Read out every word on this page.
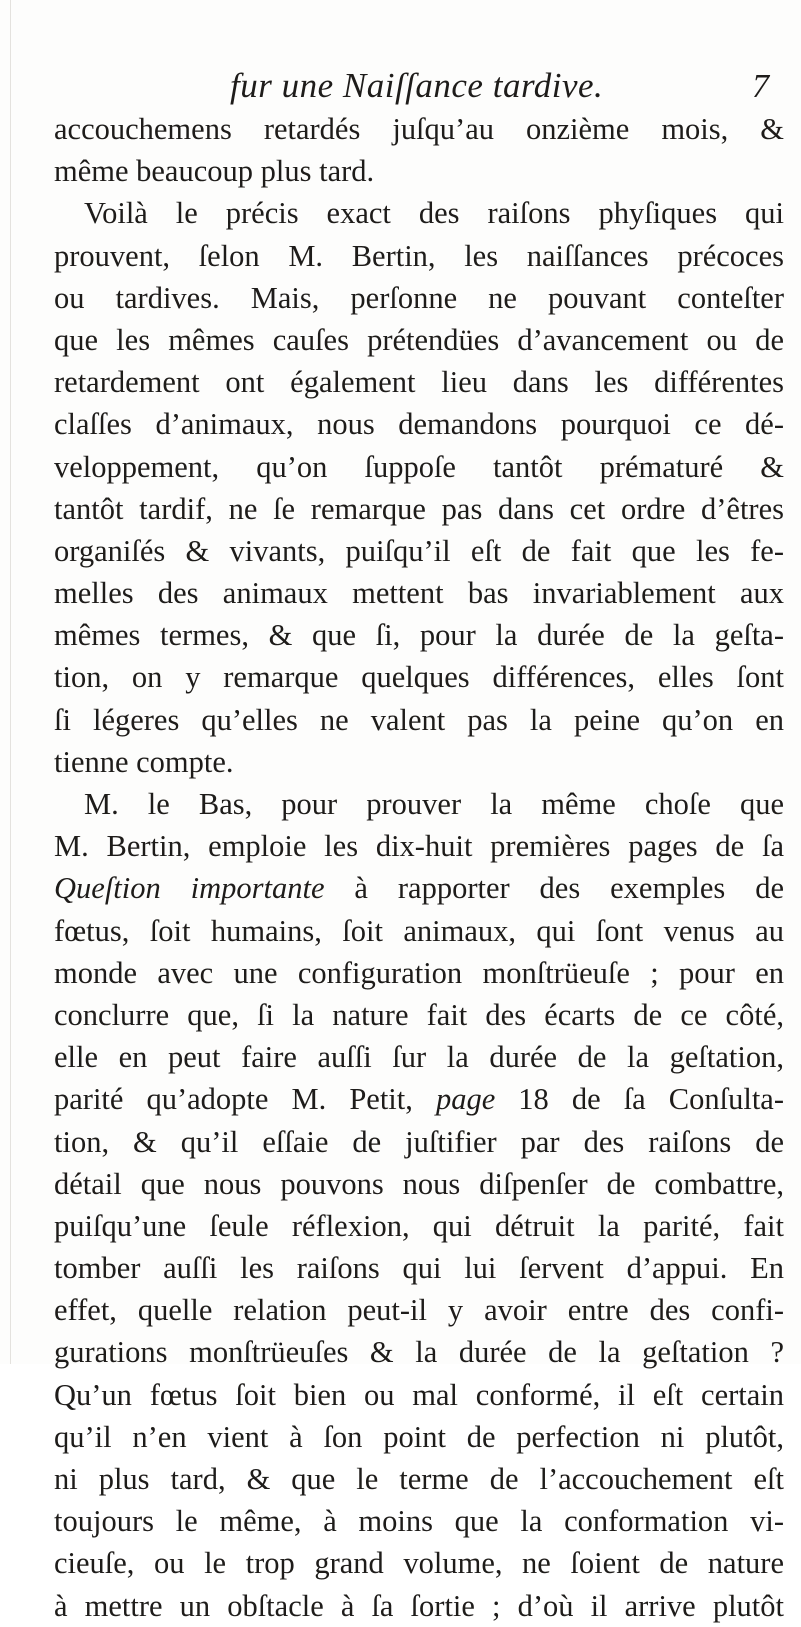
fur une Naiſſance tardive.	7
accouchemens retardés juſqu’au onzième mois, &
même beaucoup plus tard.
Voilà le précis exact des raiſons phyſiques qui
prouvent, ſelon M. Bertin, les naiſſances précoces
ou tardives. Mais, perſonne ne pouvant conteſter
que les mêmes cauſes prétendües d’avancement ou de
retardement ont également lieu dans les différentes
claſſes d’animaux, nous demandons pourquoi ce dé-
veloppement, qu’on ſuppoſe tantôt prématuré &
tantôt tardif, ne ſe remarque pas dans cet ordre d’êtres
organiſés & vivants, puiſqu’il eſt de fait que les fe-
melles des animaux mettent bas invariablement aux
mêmes termes, & que ſi, pour la durée de la geſta-
tion, on y remarque quelques différences, elles ſont
ſi légeres qu’elles ne valent pas la peine qu’on en
tienne compte.
M. le Bas, pour prouver la même choſe que
M. Bertin, emploie les dix-huit premières pages de ſa
Queſtion importante à rapporter des exemples de
fœtus, ſoit humains, ſoit animaux, qui ſont venus au
monde avec une configuration monſtrüeuſe ; pour en
conclurre que, ſi la nature fait des écarts de ce côté,
elle en peut faire auſſi ſur la durée de la geſtation,
parité qu’adopte M. Petit, page 18 de ſa Conſulta-
tion, & qu’il eſſaie de juſtifier par des raiſons de
détail que nous pouvons nous diſpenſer de combattre,
puiſqu’une ſeule réflexion, qui détruit la parité, fait
tomber auſſi les raiſons qui lui ſervent d’appui. En
effet, quelle relation peut-il y avoir entre des confi-
gurations monſtrüeuſes & la durée de la geſtation ?
Qu’un fœtus ſoit bien ou mal conformé, il eſt certain
qu’il n’en vient à ſon point de perfection ni plutôt,
ni plus tard, & que le terme de l’accouchement eſt
toujours le même, à moins que la conformation vi-
cieuſe, ou le trop grand volume, ne ſoient de nature
à mettre un obſtacle à ſa ſortie ; d’où il arrive plutôt
